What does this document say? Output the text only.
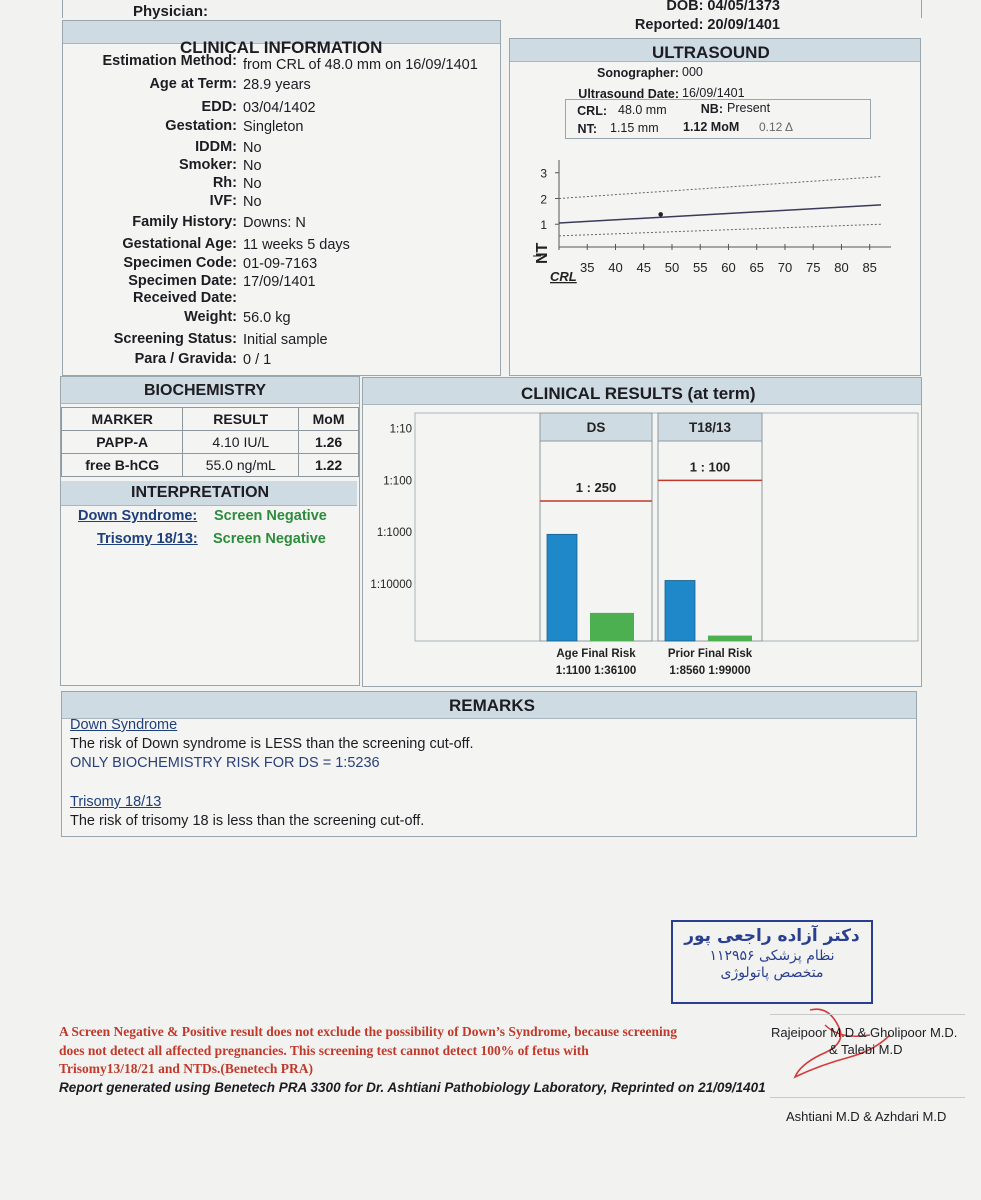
Physician:	DOB: 04/05/1373
Reported: 20/09/1401
CLINICAL INFORMATION
Estimation Method: from CRL of 48.0 mm on 16/09/1401
Age at Term: 28.9 years
EDD: 03/04/1402
Gestation: Singleton
IDDM: No
Smoker: No
Rh: No
IVF: No
Family History: Downs: N
Gestational Age: 11 weeks 5 days
Specimen Code: 01-09-7163
Specimen Date: 17/09/1401
Received Date:
Weight: 56.0 kg
Screening Status: Initial sample
Para / Gravida: 0 / 1
ULTRASOUND
Sonographer: 000
Ultrasound Date: 16/09/1401
CRL: 48.0 mm	NB: Present
NT: 1.15 mm 1.12 MoM 0.12 Δ
1
2
3
35 40 45 50 55 60 65 70 75 80 85
NT
CRL
BIOCHEMISTRY
MARKER	RESULT	MoM
PAPP-A	4.10 IU/L	1.26
free B-hCG	55.0 ng/mL	1.22
INTERPRETATION
Down Syndrome: Screen Negative
Trisomy 18/13: Screen Negative
CLINICAL RESULTS (at term)
1:10
1:100
1:1000
1:10000
DS
1 : 250
Age Final Risk
1:1100 1:36100
T18/13
1 : 100
Prior Final Risk
1:8560 1:99000
REMARKS
Down Syndrome
The risk of Down syndrome is LESS than the screening cut-off.
ONLY BIOCHEMISTRY RISK FOR DS = 1:5236
Trisomy 18/13
The risk of trisomy 18 is less than the screening cut-off.
دکتر آزاده راجعی پور
نظام پزشکی ۱۱۲۹۵۶
متخصص پاتولوژی
A Screen Negative & Positive result does not exclude the possibility of Down’s Syndrome, because screening
does not detect all affected pregnancies. This screening test cannot detect 100% of fetus with
Trisomy13/18/21 and NTDs.(Benetech PRA)
Report generated using Benetech PRA 3300 for Dr. Ashtiani Pathobiology Laboratory, Reprinted on 21/09/1401
Rajeipoor M.D & Gholipoor M.D.
& Talebi M.D
Ashtiani M.D & Azhdari M.D
